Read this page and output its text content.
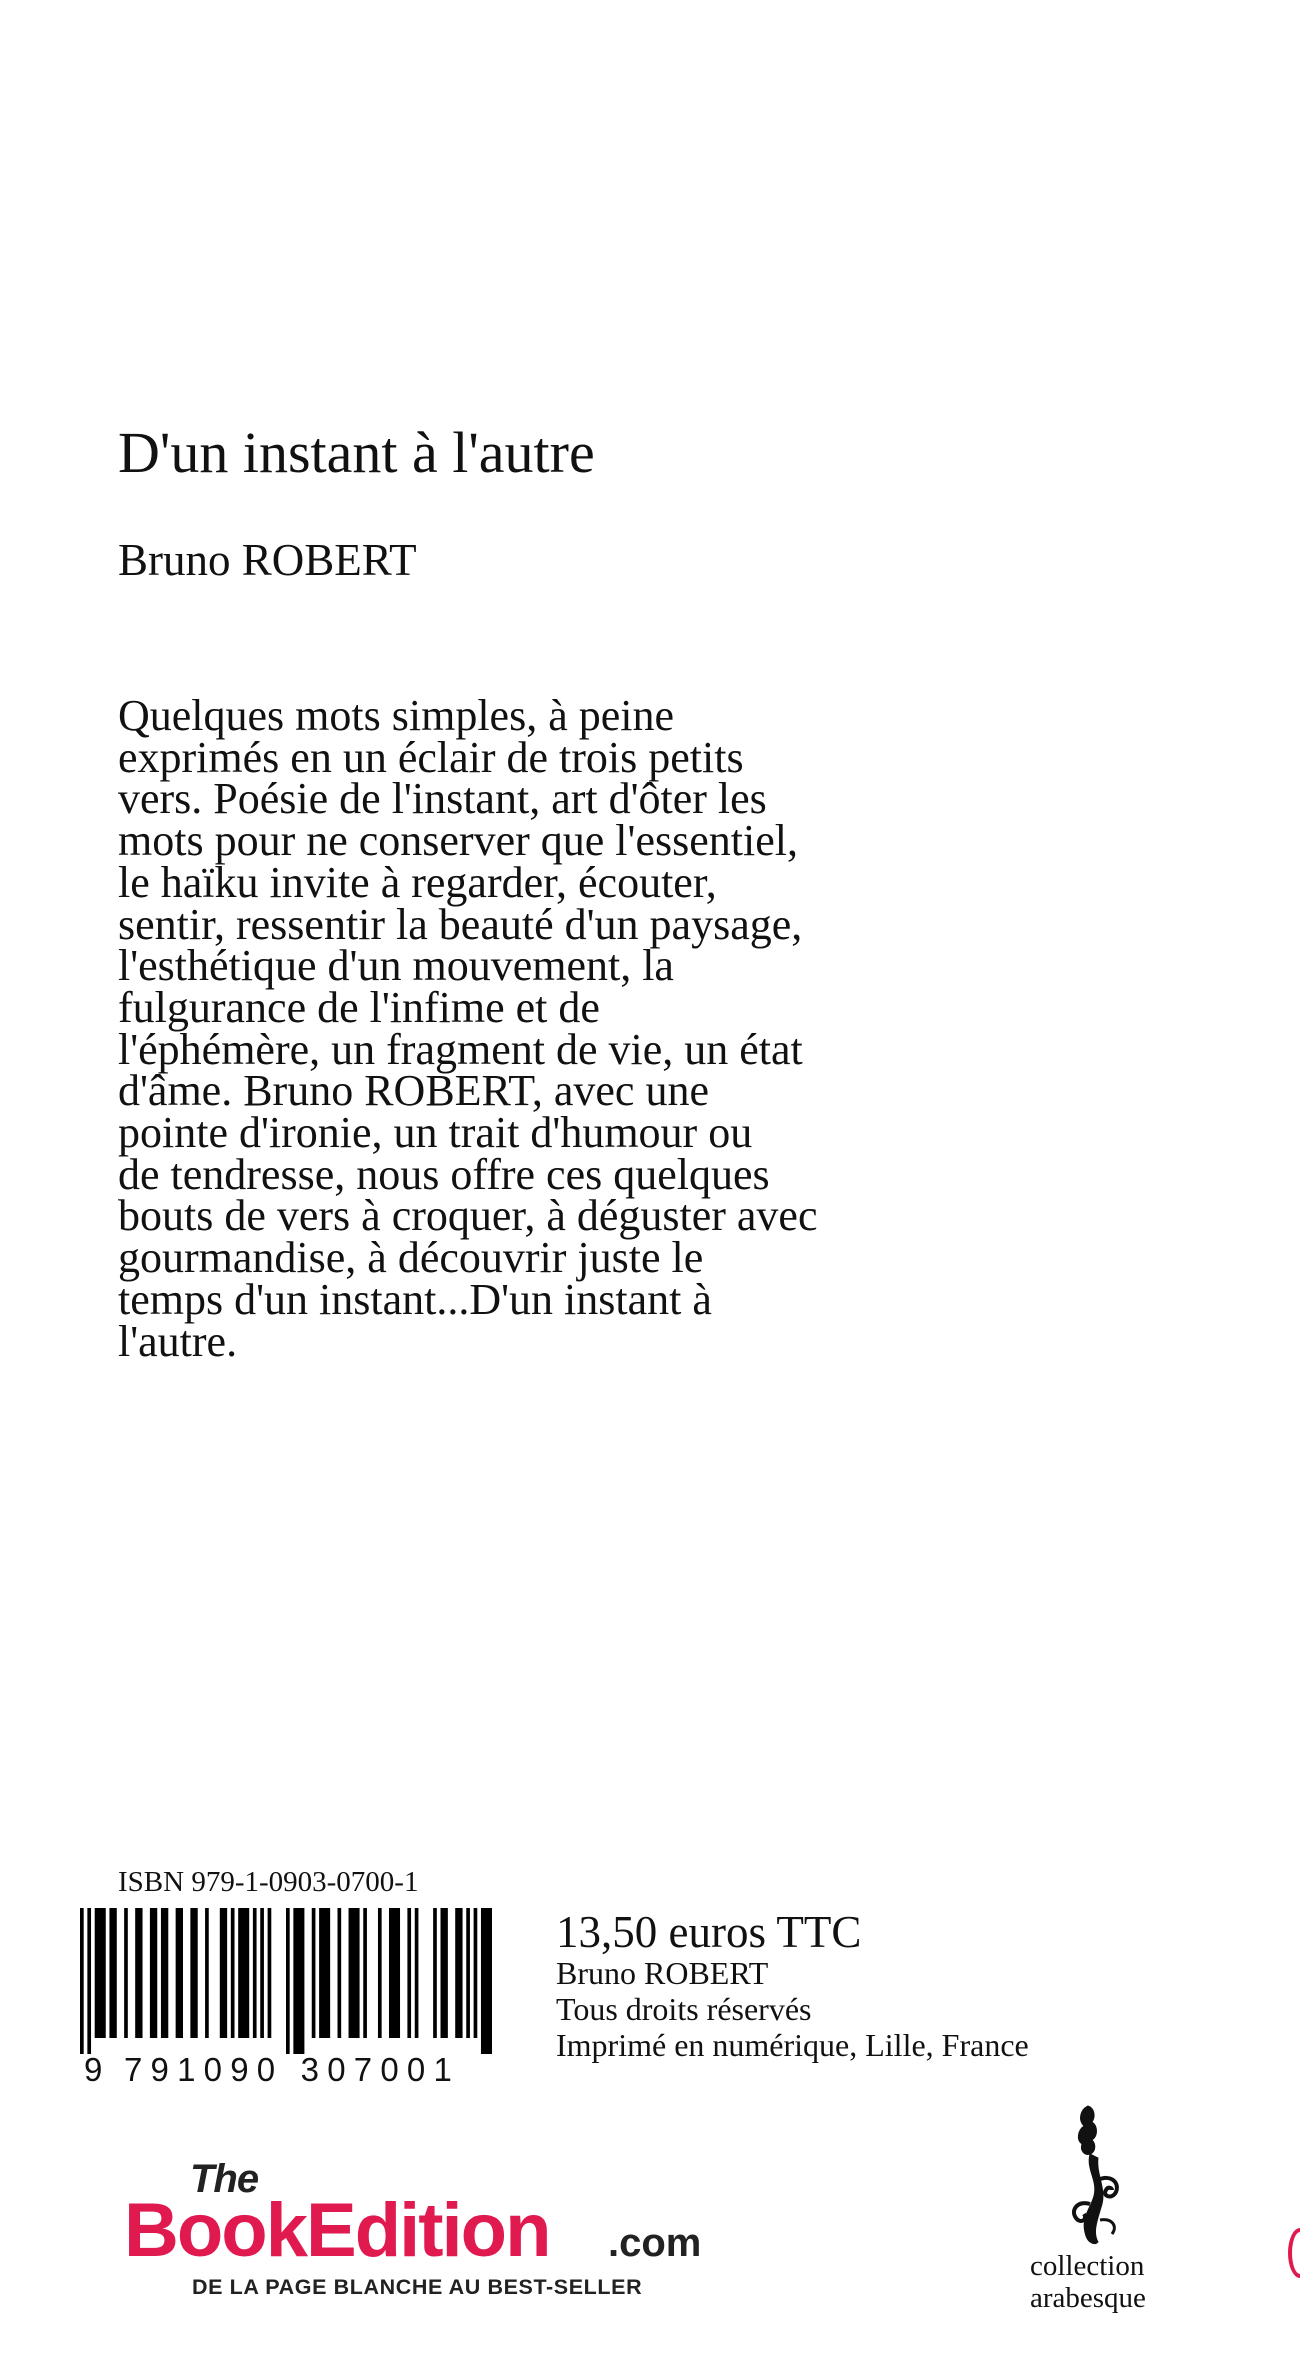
D'un instant à l'autre
Bruno ROBERT
Quelques mots simples, à peine
exprimés en un éclair de trois petits
vers. Poésie de l'instant, art d'ôter les
mots pour ne conserver que l'essentiel,
le haïku invite à regarder, écouter,
sentir, ressentir la beauté d'un paysage,
l'esthétique d'un mouvement, la
fulgurance de l'infime et de
l'éphémère, un fragment de vie, un état
d'âme. Bruno ROBERT, avec une
pointe d'ironie, un trait d'humour ou
de tendresse, nous offre ces quelques
bouts de vers à croquer, à déguster avec
gourmandise, à découvrir juste le
temps d'un instant...D'un instant à
l'autre.
ISBN 979-1-0903-0700-1
9 791090 307001
13,50 euros TTC
Bruno ROBERT
Tous droits réservés
Imprimé en numérique, Lille, France
The
BookEdition .com
DE LA PAGE BLANCHE AU BEST-SELLER
collection
arabesque
